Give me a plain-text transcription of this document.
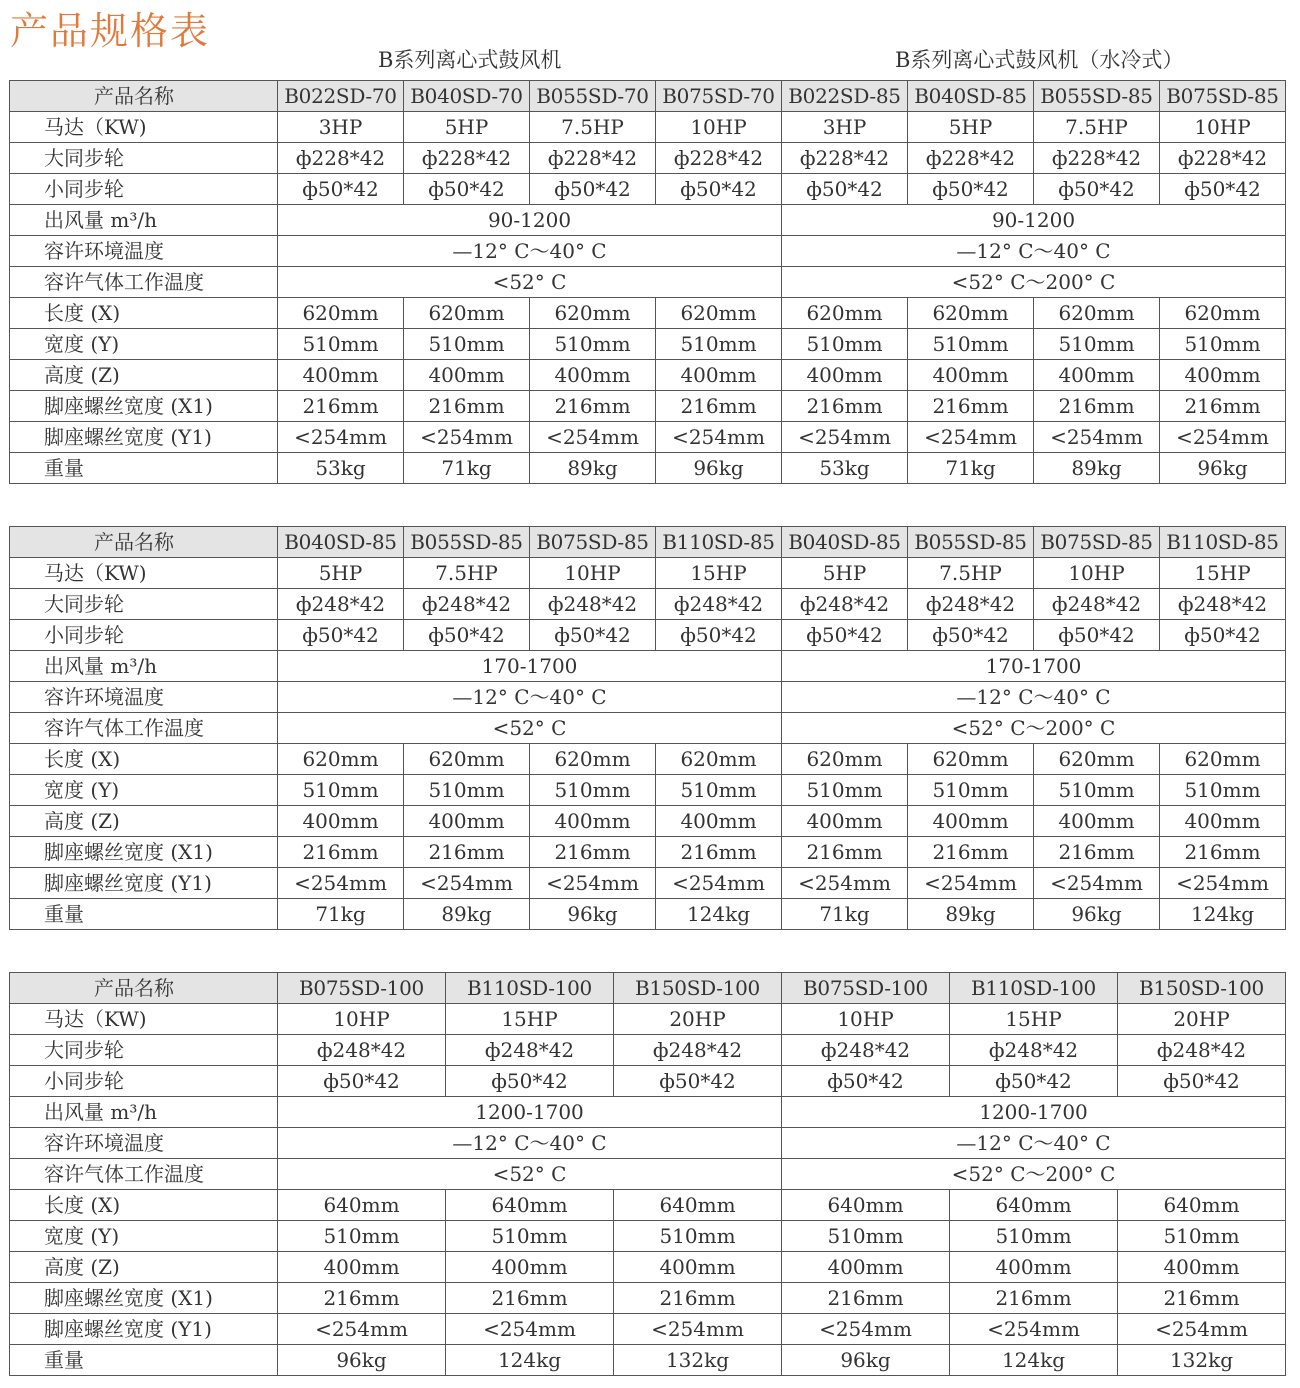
产品规格表
B系列离心式鼓风机	B系列离心式鼓风机（水冷式）
产品名称	B022SD-70	B040SD-70	B055SD-70	B075SD-70	B022SD-85	B040SD-85	B055SD-85	B075SD-85
马达（KW)	3HP	5HP	7.5HP	10HP	3HP	5HP	7.5HP	10HP
大同步轮	ф228*42	ф228*42	ф228*42	ф228*42	ф228*42	ф228*42	ф228*42	ф228*42
小同步轮	ф50*42	ф50*42	ф50*42	ф50*42	ф50*42	ф50*42	ф50*42	ф50*42
出风量 m³/h	90-1200				90-1200			
容许环境温度	—12° C～40° C				—12° C～40° C			
容许气体工作温度	<52° C				<52° C～200° C			
长度 (X)	620mm	620mm	620mm	620mm	620mm	620mm	620mm	620mm
宽度 (Y)	510mm	510mm	510mm	510mm	510mm	510mm	510mm	510mm
高度 (Z)	400mm	400mm	400mm	400mm	400mm	400mm	400mm	400mm
脚座螺丝宽度 (X1)	216mm	216mm	216mm	216mm	216mm	216mm	216mm	216mm
脚座螺丝宽度 (Y1)	<254mm	<254mm	<254mm	<254mm	<254mm	<254mm	<254mm	<254mm
重量	53kg	71kg	89kg	96kg	53kg	71kg	89kg	96kg
产品名称	B040SD-85	B055SD-85	B075SD-85	B110SD-85	B040SD-85	B055SD-85	B075SD-85	B110SD-85
马达（KW)	5HP	7.5HP	10HP	15HP	5HP	7.5HP	10HP	15HP
大同步轮	ф248*42	ф248*42	ф248*42	ф248*42	ф248*42	ф248*42	ф248*42	ф248*42
小同步轮	ф50*42	ф50*42	ф50*42	ф50*42	ф50*42	ф50*42	ф50*42	ф50*42
出风量 m³/h	170-1700				170-1700			
容许环境温度	—12° C～40° C				—12° C～40° C			
容许气体工作温度	<52° C				<52° C～200° C			
长度 (X)	620mm	620mm	620mm	620mm	620mm	620mm	620mm	620mm
宽度 (Y)	510mm	510mm	510mm	510mm	510mm	510mm	510mm	510mm
高度 (Z)	400mm	400mm	400mm	400mm	400mm	400mm	400mm	400mm
脚座螺丝宽度 (X1)	216mm	216mm	216mm	216mm	216mm	216mm	216mm	216mm
脚座螺丝宽度 (Y1)	<254mm	<254mm	<254mm	<254mm	<254mm	<254mm	<254mm	<254mm
重量	71kg	89kg	96kg	124kg	71kg	89kg	96kg	124kg
产品名称	B075SD-100	B110SD-100	B150SD-100	B075SD-100	B110SD-100	B150SD-100
马达（KW)	10HP	15HP	20HP	10HP	15HP	20HP
大同步轮	ф248*42	ф248*42	ф248*42	ф248*42	ф248*42	ф248*42
小同步轮	ф50*42	ф50*42	ф50*42	ф50*42	ф50*42	ф50*42
出风量 m³/h	1200-1700			1200-1700		
容许环境温度	—12° C～40° C			—12° C～40° C		
容许气体工作温度	<52° C			<52° C～200° C		
长度 (X)	640mm	640mm	640mm	640mm	640mm	640mm
宽度 (Y)	510mm	510mm	510mm	510mm	510mm	510mm
高度 (Z)	400mm	400mm	400mm	400mm	400mm	400mm
脚座螺丝宽度 (X1)	216mm	216mm	216mm	216mm	216mm	216mm
脚座螺丝宽度 (Y1)	<254mm	<254mm	<254mm	<254mm	<254mm	<254mm
重量	96kg	124kg	132kg	96kg	124kg	132kg
